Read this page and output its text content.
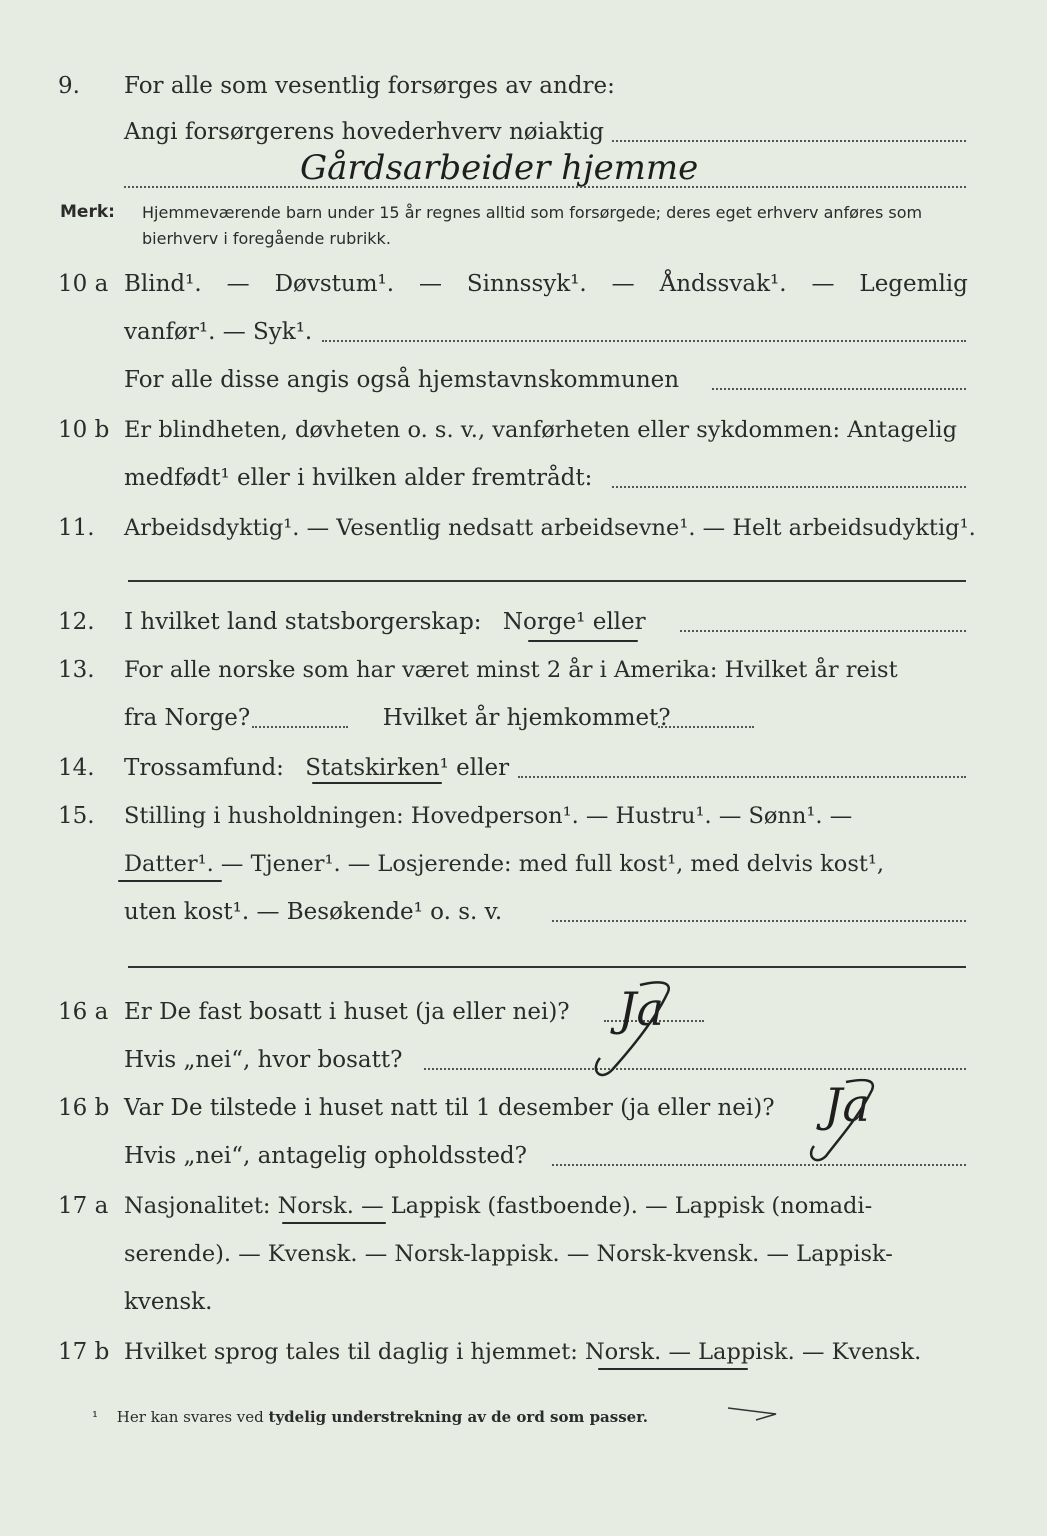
9.	For alle som vesentlig forsørges av andre:
Angi forsørgerens hovederhverv nøiaktig
Gårdsarbeider hjemme
Merk: Hjemmeværende barn under 15 år regnes alltid som forsørgede; deres eget erhverv anføres som bierhverv i foregående rubrikk.
10 a Blind¹. — Døvstum¹. — Sinnssyk¹. — Åndssvak¹. — Legemlig
vanfør¹. — Syk¹.
For alle disse angis også hjemstavnskommunen
10 b Er blindheten, døvheten o. s. v., vanførheten eller sykdommen: Antagelig
medfødt¹ eller i hvilken alder fremtrådt:
11.	Arbeidsdyktig¹. — Vesentlig nedsatt arbeidsevne¹. — Helt arbeidsudyktig¹.
12.	I hvilket land statsborgerskap: Norge¹ eller
13.	For alle norske som har været minst 2 år i Amerika: Hvilket år reist
fra Norge?	Hvilket år hjemkommet?
14.	Trossamfund: Statskirken¹ eller
15.	Stilling i husholdningen: Hovedperson¹. — Hustru¹. — Sønn¹. —
Datter¹. — Tjener¹. — Losjerende: med full kost¹, med delvis kost¹,
uten kost¹. — Besøkende¹ o. s. v.
16 a Er De fast bosatt i huset (ja eller nei)? Ja
Hvis „nei“, hvor bosatt?
16 b Var De tilstede i huset natt til 1 desember (ja eller nei)? Ja
Hvis „nei“, antagelig opholdssted?
17 a Nasjonalitet: Norsk. — Lappisk (fastboende). — Lappisk (nomadi-
serende). — Kvensk. — Norsk-lappisk. — Norsk-kvensk. — Lappisk-
kvensk.
17 b Hvilket sprog tales til daglig i hjemmet: Norsk. — Lappisk. — Kvensk.
¹ Her kan svares ved tydelig understrekning av de ord som passer.
